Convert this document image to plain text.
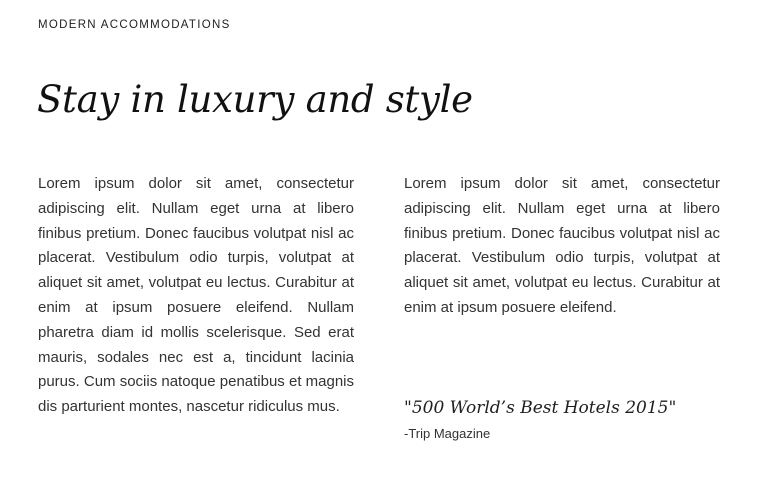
MODERN ACCOMMODATIONS
Stay in luxury and style

Lorem ipsum dolor sit amet, consectetur adipiscing elit. Nullam eget urna at libero finibus pretium. Donec faucibus volutpat nisl ac placerat. Vestibulum odio turpis, volutpat at aliquet sit amet, volutpat eu lectus. Curabitur at enim at ipsum posuere eleifend. Nullam pharetra diam id mollis scelerisque. Sed erat mauris, sodales nec est a, tincidunt lacinia purus. Cum sociis natoque penatibus et magnis dis parturient montes, nascetur ridiculus mus.

Lorem ipsum dolor sit amet, consectetur adipiscing elit. Nullam eget urna at libero finibus pretium. Donec faucibus volutpat nisl ac placerat. Vestibulum odio turpis, volutpat at aliquet sit amet, volutpat eu lectus. Curabitur at enim at ipsum posuere eleifend.

"500 World’s Best Hotels 2015"

-Trip Magazine
